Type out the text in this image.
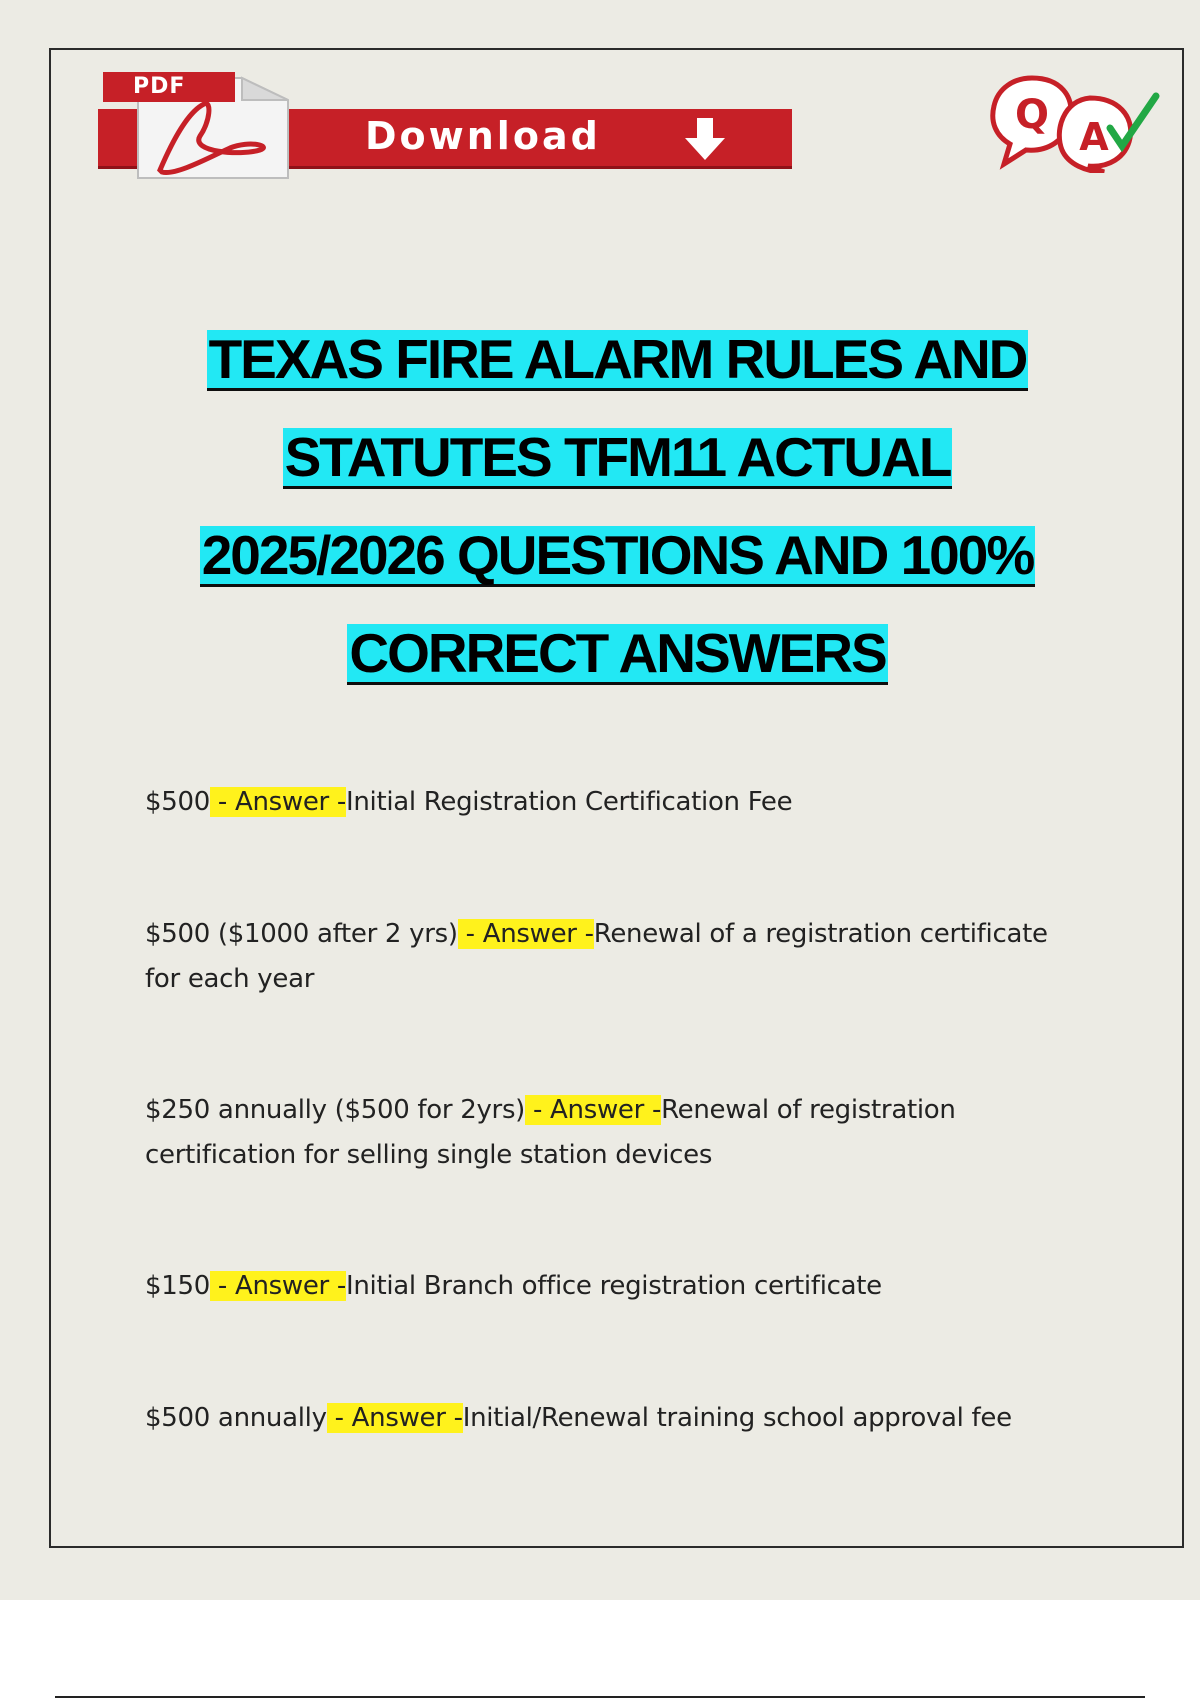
PDF
Download	Q A
TEXAS FIRE ALARM RULES AND
STATUTES TFM11 ACTUAL
2025/2026 QUESTIONS AND 100%
CORRECT ANSWERS
$500 - Answer -Initial Registration Certification Fee
$500 ($1000 after 2 yrs) - Answer -Renewal of a registration certificate for each year
$250 annually ($500 for 2yrs) - Answer -Renewal of registration certification for selling single station devices
$150 - Answer -Initial Branch office registration certificate
$500 annually - Answer -Initial/Renewal training school approval fee
